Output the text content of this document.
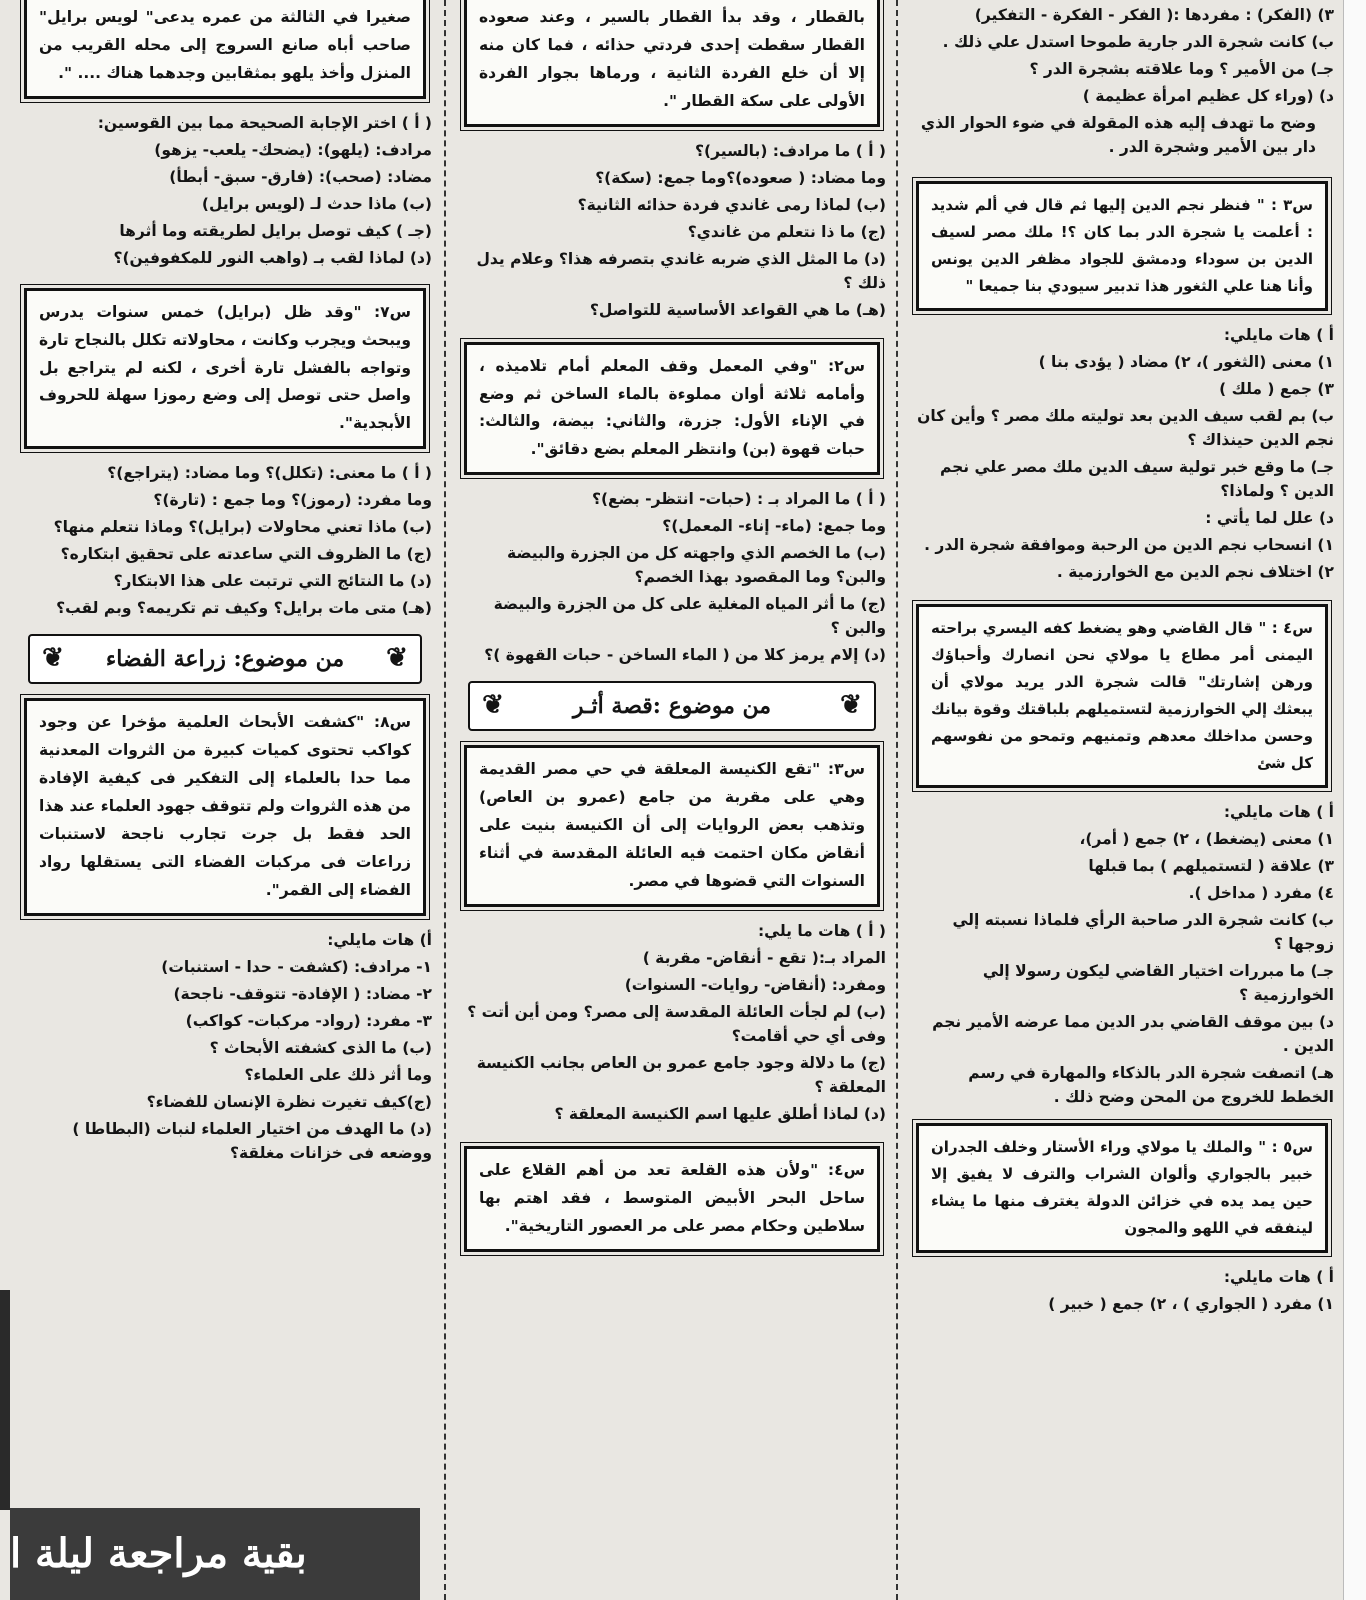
٣) (الفكر) : مفردها :( الفكر - الفكرة - التفكير)
ب) كانت شجرة الدر جارية طموحا استدل علي ذلك .
جـ) من الأمير ؟ وما علاقته بشجرة الدر ؟
د) (وراء كل عظيم امرأة عظيمة )
وضح ما تهدف إليه هذه المقولة في ضوء الحوار الذي دار بين الأمير وشجرة الدر .
س٣ : " فنظر نجم الدين إليها ثم قال في ألم شديد : أعلمت يا شجرة الدر بما كان ؟! ملك مصر لسيف الدين بن سوداء ودمشق للجواد مظفر الدين يونس وأنا هنا علي الثغور هذا تدبير سيودي بنا جميعا "
أ ) هات مايلي:
١) معنى (الثغور )، ٢) مضاد ( يؤدى بنا )
٣) جمع ( ملك )
ب) بم لقب سيف الدين بعد توليته ملك مصر ؟ وأين كان نجم الدين حينذاك ؟
جـ) ما وقع خبر تولية سيف الدين ملك مصر علي نجم الدين ؟ ولماذا؟
د) علل لما يأتي :
١) انسحاب نجم الدين من الرحبة وموافقة شجرة الدر .
٢) اختلاف نجم الدين مع الخوارزمية .
س٤ : " قال القاضي وهو يضغط كفه اليسري براحته اليمنى أمر مطاع يا مولاي نحن انصارك وأحباؤك ورهن إشارتك" قالت شجرة الدر يريد مولاي أن يبعثك إلي الخوارزمية لتستميلهم بلباقتك وقوة بيانك وحسن مداخلك معدهم وتمنيهم وتمحو من نفوسهم كل شئ
أ ) هات مايلي:
١) معنى (يضغط) ، ٢) جمع ( أمر)،
٣) علاقة ( لتستميلهم ) بما قبلها
٤) مفرد ( مداخل ).
ب) كانت شجرة الدر صاحبة الرأي فلماذا نسبته إلي زوجها ؟
جـ) ما مبررات اختيار القاضي ليكون رسولا إلي الخوارزمية ؟
د) بين موقف القاضي بدر الدين مما عرضه الأمير نجم الدين .
هـ) اتصفت شجرة الدر بالذكاء والمهارة في رسم الخطط للخروج من المحن وضح ذلك .
س٥ : " والملك يا مولاي وراء الأستار وخلف الجدران خبير بالجواري وألوان الشراب والترف لا يفيق إلا حين يمد يده في خزائن الدولة يغترف منها ما يشاء لينفقه في اللهو والمجون
أ ) هات مايلي:
١) مفرد ( الجواري ) ، ٢) جمع ( خبير )
بالقطار ، وقد بدأ القطار بالسير ، وعند صعوده القطار سقطت إحدى فردتي حذائه ، فما كان منه إلا أن خلع الفردة الثانية ، ورماها بجوار الفردة الأولى على سكة القطار ".
( أ ) ما مرادف: (بالسير)؟
وما مضاد: ( صعوده)؟وما جمع: (سكة)؟
(ب) لماذا رمى غاندي فردة حذائه الثانية؟
(ج) ما ذا نتعلم من غاندي؟
(د) ما المثل الذي ضربه غاندي بتصرفه هذا؟ وعلام يدل ذلك ؟
(هـ) ما هي القواعد الأساسية للتواصل؟
س٢: "وفي المعمل وقف المعلم أمام تلاميذه ، وأمامه ثلاثة أوان مملوءة بالماء الساخن ثم وضع في الإناء الأول: جزرة، والثاني: بيضة، والثالث: حبات قهوة (بن) وانتظر المعلم بضع دقائق".
( أ ) ما المراد بـ : (حبات- انتظر- بضع)؟
وما جمع: (ماء- إناء- المعمل)؟
(ب) ما الخصم الذي واجهته كل من الجزرة والبيضة والبن؟ وما المقصود بهذا الخصم؟
(ج) ما أثر المياه المغلية على كل من الجزرة والبيضة والبن ؟
(د) إلام يرمز كلا من ( الماء الساخن - حبات القهوة )؟
❦
من موضوع :قصة أثـر
❦
س٣: "تقع الكنيسة المعلقة في حي مصر القديمة وهي على مقربة من جامع (عمرو بن العاص) وتذهب بعض الروايات إلى أن الكنيسة بنيت على أنقاض مكان احتمت فيه العائلة المقدسة في أثناء السنوات التي قضوها في مصر.
( أ ) هات ما يلي:
المراد بـ:( تقع - أنقاض- مقربة )
ومفرد: (أنقاض- روايات- السنوات)
(ب) لم لجأت العائلة المقدسة إلى مصر؟ ومن أين أتت ؟ وفى أي حي أقامت؟
(ج) ما دلالة وجود جامع عمرو بن العاص بجانب الكنيسة المعلقة ؟
(د) لماذا أطلق عليها اسم الكنيسة المعلقة ؟
س٤: "ولأن هذه القلعة تعد من أهم القلاع على ساحل البحر الأبيض المتوسط ، فقد اهتم بها سلاطين وحكام مصر على مر العصور التاريخية".
صغيرا في الثالثة من عمره يدعى" لويس برايل" صاحب أباه صانع السروج إلى محله القريب من المنزل وأخذ يلهو بمثقابين وجدهما هناك .... ".
( أ ) اختر الإجابة الصحيحة مما بين القوسين:
مرادف: (يلهو): (يضحك- يلعب- يزهو)
مضاد: (صحب): (فارق- سبق- أبطأ)
(ب) ماذا حدث لـ (لويس برايل)
(جـ ) كيف توصل برايل لطريقته وما أثرها
(د) لماذا لقب بـ (واهب النور للمكفوفين)؟
س٧: "وقد ظل (برايل) خمس سنوات يدرس ويبحث ويجرب وكانت ، محاولاته تكلل بالنجاح تارة وتواجه بالفشل تارة أخرى ، لكنه لم يتراجع بل واصل حتى توصل إلى وضع رموزا سهلة للحروف الأبجدية".
( أ ) ما معنى: (تكلل)؟ وما مضاد: (يتراجع)؟
وما مفرد: (رموز)؟ وما جمع : (تارة)؟
(ب) ماذا تعني محاولات (برايل)؟ وماذا نتعلم منها؟
(ج) ما الظروف التي ساعدته على تحقيق ابتكاره؟
(د) ما النتائج التي ترتبت على هذا الابتكار؟
(هـ) متى مات برايل؟ وكيف تم تكريمه؟ وبم لقب؟
❦
من موضوع: زراعة الفضاء
❦
س٨: "كشفت الأبحاث العلمية مؤخرا عن وجود كواكب تحتوى كميات كبيرة من الثروات المعدنية مما حدا بالعلماء إلى التفكير فى كيفية الإفادة من هذه الثروات ولم تتوقف جهود العلماء عند هذا الحد فقط بل جرت تجارب ناجحة لاستنبات زراعات فى مركبات الفضاء التى يستقلها رواد الفضاء إلى القمر".
أ) هات مايلي:
١- مرادف: (كشفت - حدا - استنبات)
٢- مضاد: ( الإفادة- تتوقف- ناجحة)
٣- مفرد: (رواد- مركبات- كواكب)
(ب) ما الذى كشفته الأبحاث ؟
وما أثر ذلك على العلماء؟
(ج)كيف تغيرت نظرة الإنسان للفضاء؟
(د) ما الهدف من اختيار العلماء لنبات (البطاطا ) ووضعه فى خزانات مغلقة؟
بقية مراجعة ليلة ا
